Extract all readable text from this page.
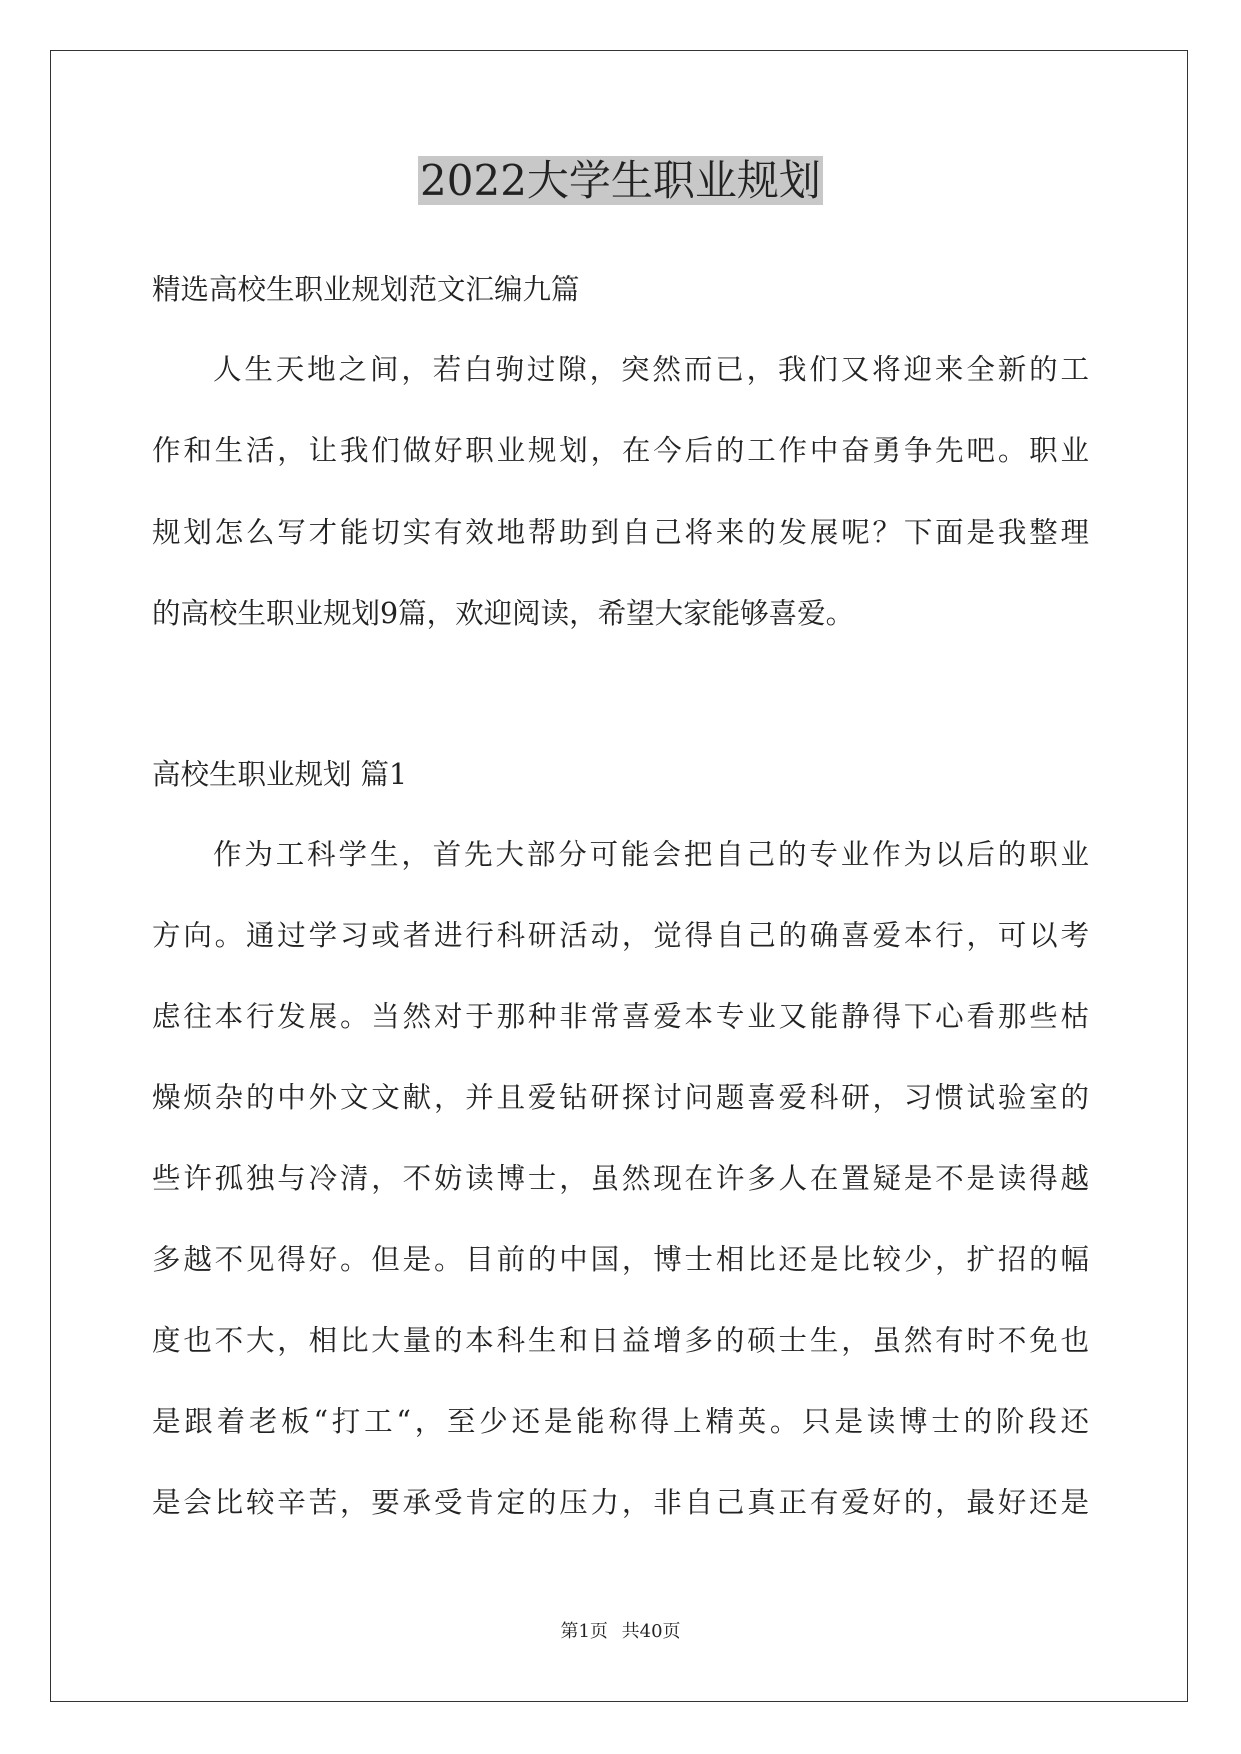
2022大学生职业规划
精选高校生职业规划范文汇编九篇
人生天地之间，若白驹过隙，突然而已，我们又将迎来全新的工
作和生活，让我们做好职业规划，在今后的工作中奋勇争先吧。职业
规划怎么写才能切实有效地帮助到自己将来的发展呢？下面是我整理
的高校生职业规划9篇，欢迎阅读，希望大家能够喜爱。
高校生职业规划 篇1
作为工科学生，首先大部分可能会把自己的专业作为以后的职业
方向。通过学习或者进行科研活动，觉得自己的确喜爱本行，可以考
虑往本行发展。当然对于那种非常喜爱本专业又能静得下心看那些枯
燥烦杂的中外文文献，并且爱钻研探讨问题喜爱科研，习惯试验室的
些许孤独与冷清，不妨读博士，虽然现在许多人在置疑是不是读得越
多越不见得好。但是。目前的中国，博士相比还是比较少，扩招的幅
度也不大，相比大量的本科生和日益增多的硕士生，虽然有时不免也
是跟着老板“打工“，至少还是能称得上精英。只是读博士的阶段还
是会比较辛苦，要承受肯定的压力，非自己真正有爱好的，最好还是
第1页 共40页
